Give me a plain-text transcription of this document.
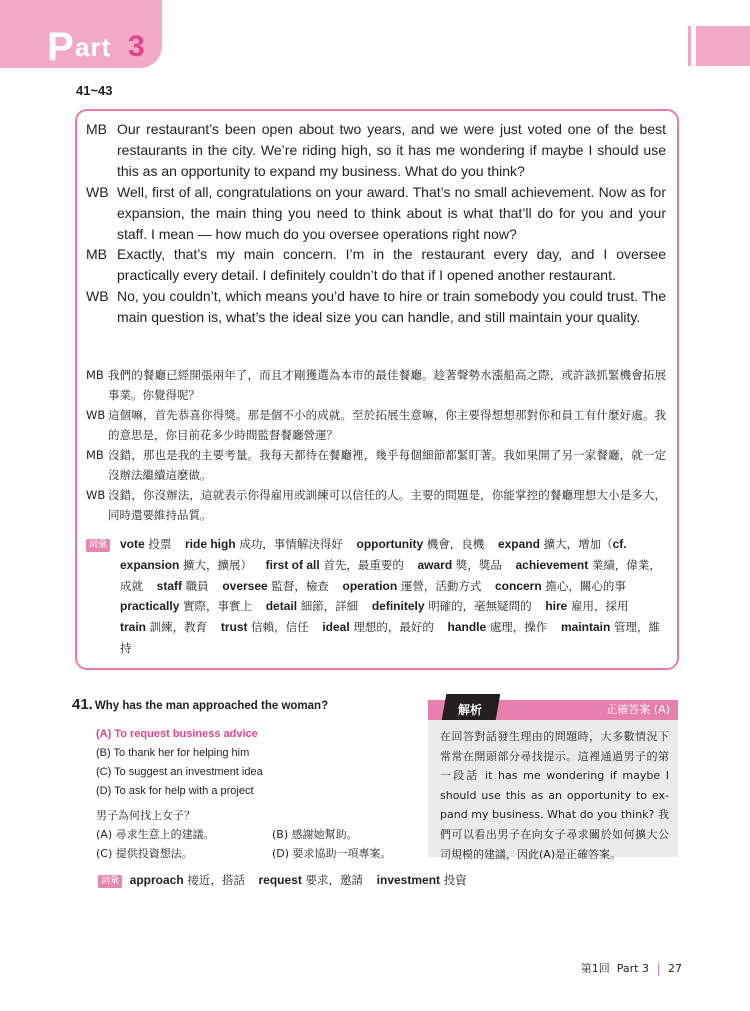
P art 3
41~43
MB Our restaurant’s been open about two years, and we were just voted one of the best restaurants in the city. We’re riding high, so it has me wondering if maybe I should use this as an opportunity to expand my business. What do you think?
WB Well, first of all, congratulations on your award. That’s no small achievement. Now as for expansion, the main thing you need to think about is what that’ll do for you and your staff. I mean — how much do you oversee operations right now?
MB Exactly, that’s my main concern. I’m in the restaurant every day, and I oversee practically every detail. I definitely couldn’t do that if I opened another restaurant.
WB No, you couldn’t, which means you’d have to hire or train somebody you could trust. The main question is, what’s the ideal size you can handle, and still maintain your quality.
MB 我們的餐廳已經開張兩年了，而且才剛獲選為本市的最佳餐廳。趁著聲勢水漲船高之際，或許該抓緊機會拓展事業。你覺得呢？
WB 這個嘛，首先恭喜你得獎。那是個不小的成就。至於拓展生意嘛，你主要得想想那對你和員工有什麼好處。我的意思是，你目前花多少時間監督餐廳營運？
MB 沒錯，那也是我的主要考量。我每天都待在餐廳裡，幾乎每個細節都緊盯著。我如果開了另一家餐廳，就一定沒辦法繼續這麼做。
WB 沒錯，你沒辦法，這就表示你得雇用或訓練可以信任的人。主要的問題是，你能掌控的餐廳理想大小是多大，同時還要維持品質。
詞彙	vote 投票 ride high 成功，事情解決得好 opportunity 機會，良機 expand 擴大，增加（cf. expansion 擴大，擴展） first of all 首先，最重要的 award 獎，獎品 achievement 業績，偉業，成就 staff 職員 oversee 監督，檢查 operation 運營，活動方式 concern 擔心，關心的事 practically 實際，事實上 detail 細節，詳細 definitely 明確的，毫無疑問的 hire 雇用，採用 train 訓練，教育 trust 信賴，信任 ideal 理想的，最好的 handle 處理，操作 maintain 管理，維持
41. Why has the man approached the woman?
(A) To request business advice
(B) To thank her for helping him
(C) To suggest an investment idea
(D) To ask for help with a project
男子為何找上女子？
(A) 尋求生意上的建議。	(B) 感謝她幫助。
(C) 提供投資想法。	(D) 要求協助一項專案。
詞彙 approach 接近，搭話 request 要求，邀請 investment 投資
解析	正確答案 (A)
在回答對話發生理由的問題時，大多數情況下常常在開頭部分尋找提示。這裡通過男子的第一段話 it has me wondering if maybe I should use this as an opportunity to ex-pand my business. What do you think? 我們可以看出男子在向女子尋求關於如何擴大公司規模的建議，因此(A)是正確答案。
第1回
Part 3 27
